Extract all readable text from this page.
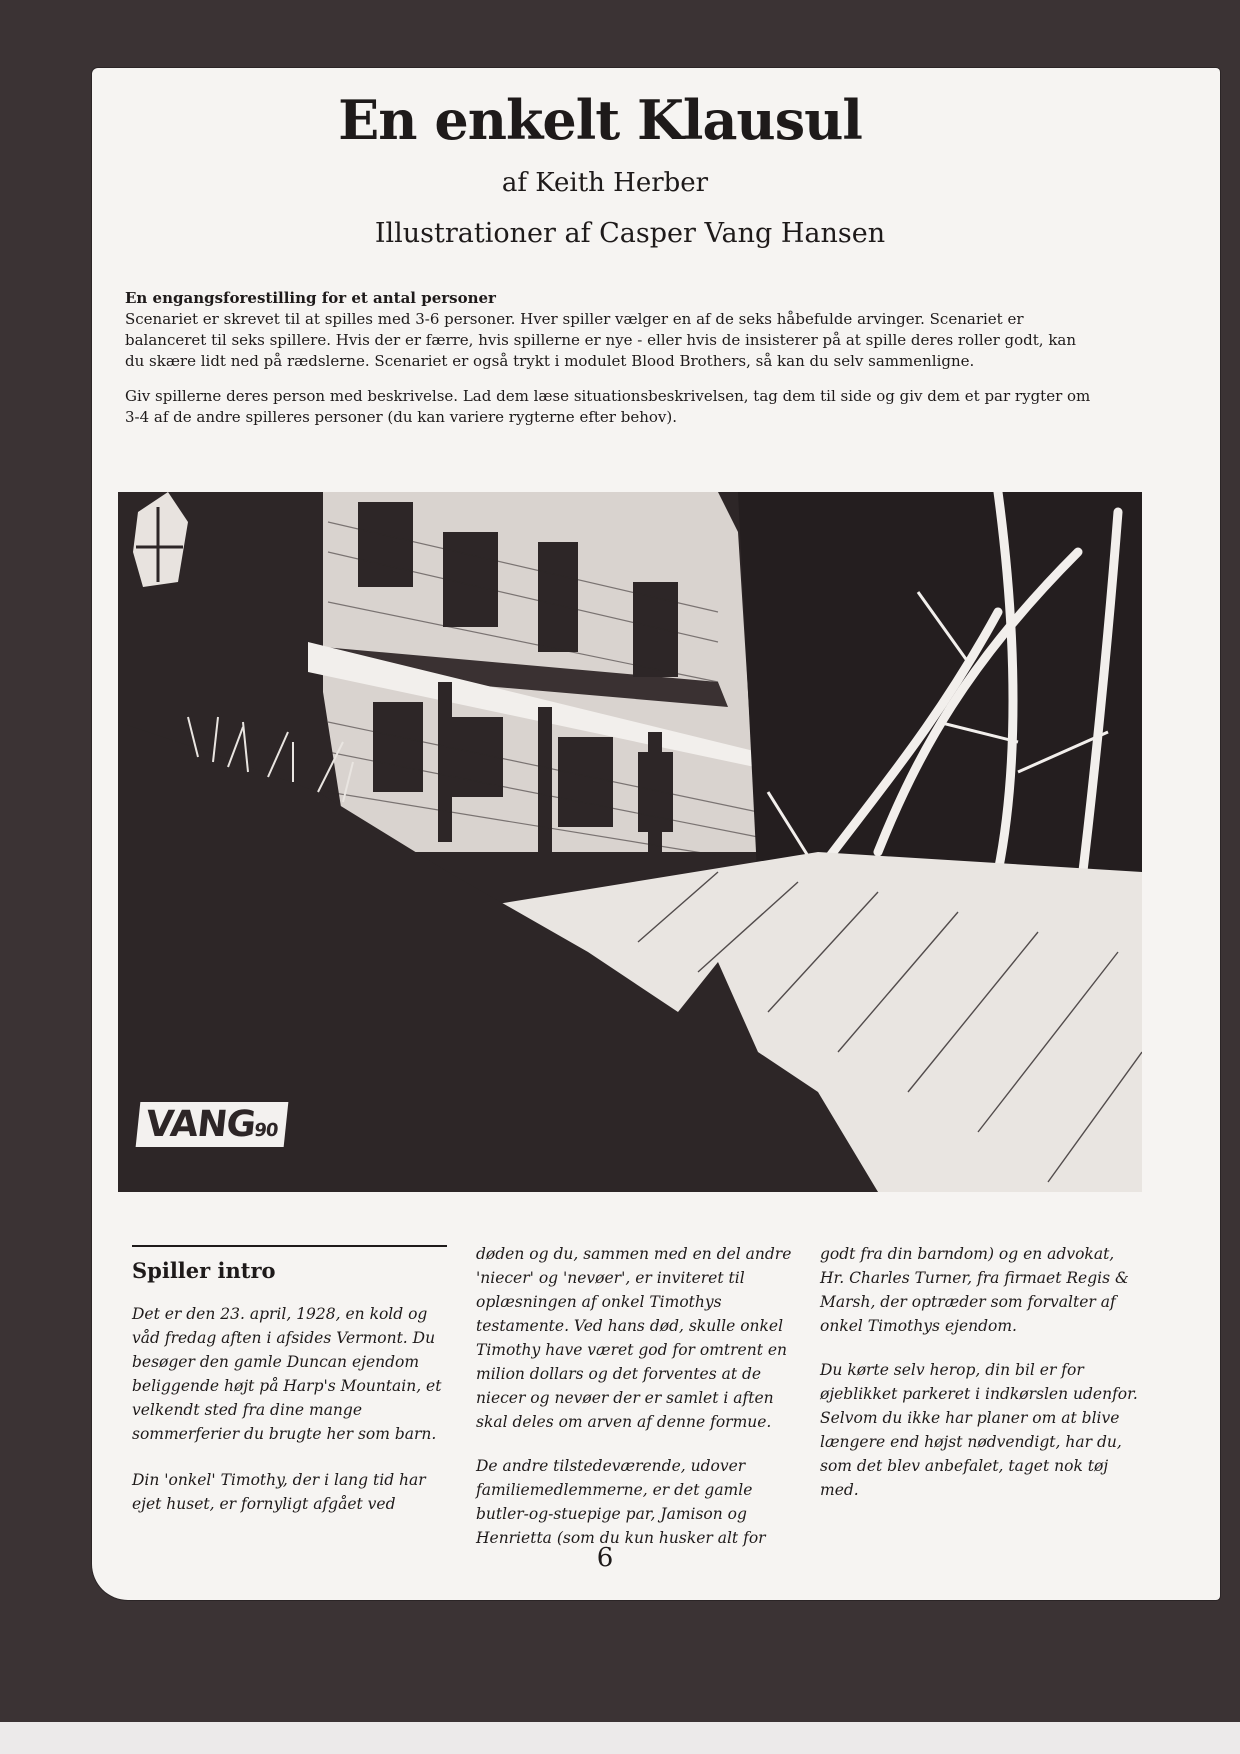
En enkelt Klausul

af Keith Herber

Illustrationer af Casper Vang Hansen

En engangsforestilling for et antal personer

Scenariet er skrevet til at spilles med 3-6 personer. Hver spiller vælger en af de seks håbefulde arvinger. Scenariet er balanceret til seks spillere. Hvis der er færre, hvis spillerne er nye - eller hvis de insisterer på at spille deres roller godt, kan du skære lidt ned på rædslerne. Scenariet er også trykt i modulet Blood Brothers, så kan du selv sammenligne.

Giv spillerne deres person med beskrivelse. Lad dem læse situationsbeskrivelsen, tag dem til side og giv dem et par rygter om 3-4 af de andre spilleres personer (du kan variere rygterne efter behov).

VANG90
Spiller intro

Det er den 23. april, 1928, en kold og våd fredag aften i afsides Vermont. Du besøger den gamle Duncan ejendom beliggende højt på Harp's Mountain, et velkendt sted fra dine mange sommerferier du brugte her som barn.

Din 'onkel' Timothy, der i lang tid har ejet huset, er fornyligt afgået ved

døden og du, sammen med en del andre 'niecer' og 'nevøer', er inviteret til oplæsningen af onkel Timothys testamente. Ved hans død, skulle onkel Timothy have været god for omtrent en milion dollars og det forventes at de niecer og nevøer der er samlet i aften skal deles om arven af denne formue.

De andre tilstedeværende, udover familiemedlemmerne, er det gamle butler-og-stuepige par, Jamison og Henrietta (som du kun husker alt for

godt fra din barndom) og en advokat, Hr. Charles Turner, fra firmaet Regis & Marsh, der optræder som forvalter af onkel Timothys ejendom.

Du kørte selv herop, din bil er for øjeblikket parkeret i indkørslen udenfor. Selvom du ikke har planer om at blive længere end højst nødvendigt, har du, som det blev anbefalet, taget nok tøj med.

6
